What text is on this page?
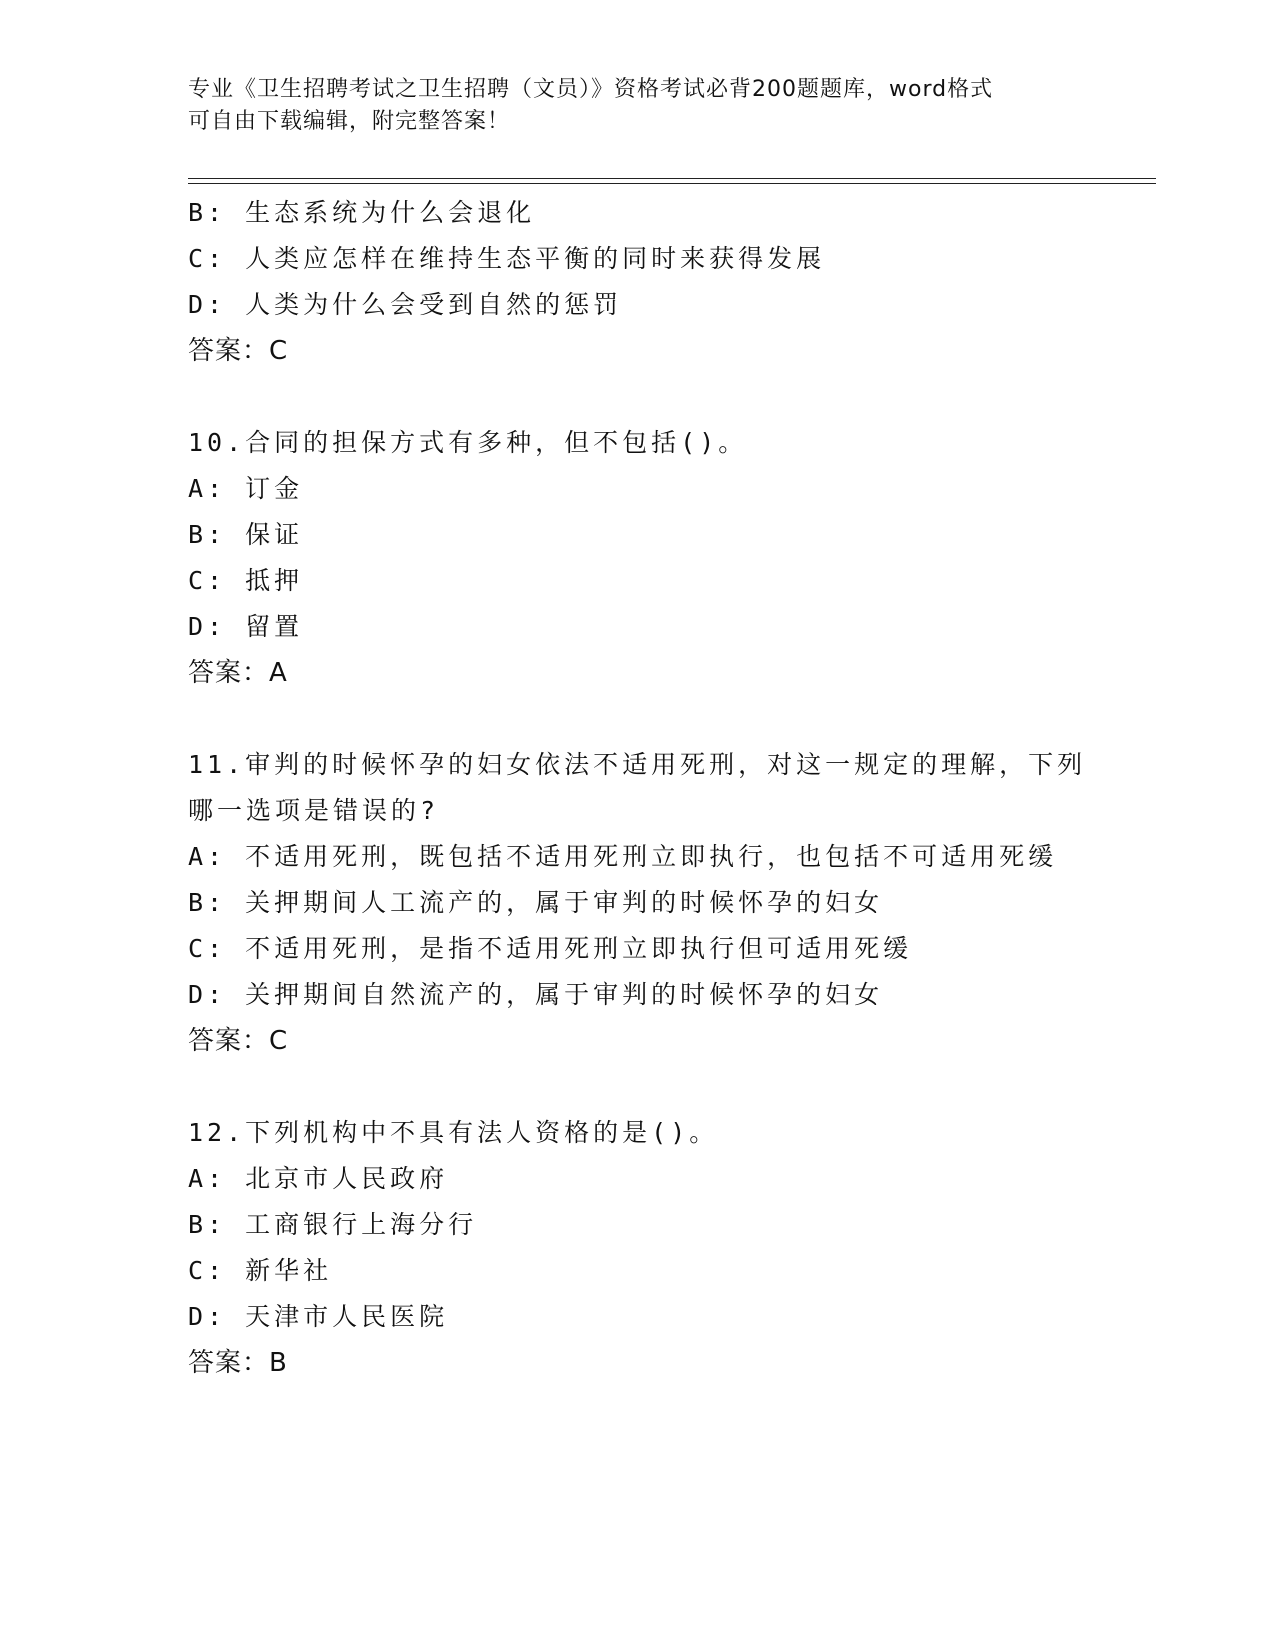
专业《卫生招聘考试之卫生招聘（文员）》资格考试必背200题题库，word格式

可自由下载编辑，附完整答案！

B: 生态系统为什么会退化
C: 人类应怎样在维持生态平衡的同时来获得发展
D: 人类为什么会受到自然的惩罚
答案：C
10.合同的担保方式有多种，但不包括()。
A: 订金
B: 保证
C: 抵押
D: 留置
答案：A
11.审判的时候怀孕的妇女依法不适用死刑，对这一规定的理解，下列
哪一选项是错误的?
A: 不适用死刑，既包括不适用死刑立即执行，也包括不可适用死缓
B: 关押期间人工流产的，属于审判的时候怀孕的妇女
C: 不适用死刑，是指不适用死刑立即执行但可适用死缓
D: 关押期间自然流产的，属于审判的时候怀孕的妇女
答案：C
12.下列机构中不具有法人资格的是()。
A: 北京市人民政府
B: 工商银行上海分行
C: 新华社
D: 天津市人民医院
答案：B
